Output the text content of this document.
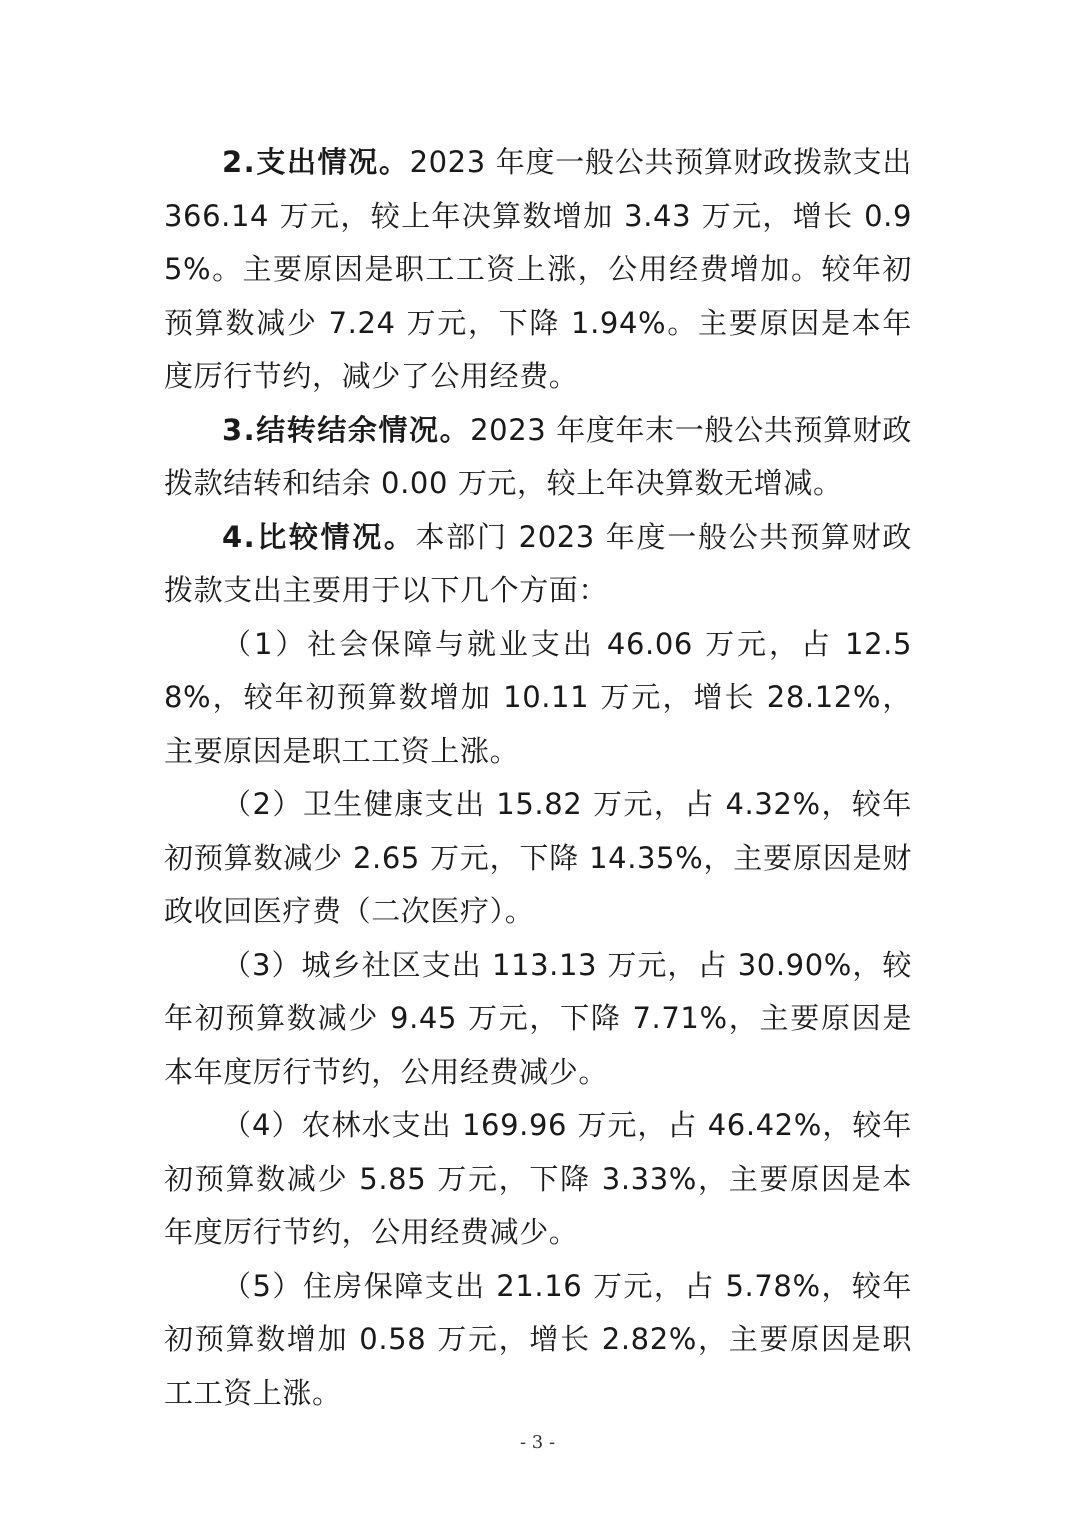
2.支出情况。2023 年度一般公共预算财政拨款支出 366.14 万元，较上年决算数增加 3.43 万元，增长 0.95%。主要原因是职工工资上涨，公用经费增加。较年初预算数减少 7.24 万元，下降 1.94%。主要原因是本年度厉行节约，减少了公用经费。

3.结转结余情况。2023 年度年末一般公共预算财政拨款结转和结余 0.00 万元，较上年决算数无增减。

4.比较情况。本部门 2023 年度一般公共预算财政拨款支出主要用于以下几个方面：

（1）社会保障与就业支出 46.06 万元，占 12.58%，较年初预算数增加 10.11 万元，增长 28.12%，主要原因是职工工资上涨。

（2）卫生健康支出 15.82 万元，占 4.32%，较年初预算数减少 2.65 万元，下降 14.35%，主要原因是财政收回医疗费（二次医疗）。

（3）城乡社区支出 113.13 万元，占 30.90%，较年初预算数减少 9.45 万元，下降 7.71%，主要原因是本年度厉行节约，公用经费减少。

（4）农林水支出 169.96 万元，占 46.42%，较年初预算数减少 5.85 万元，下降 3.33%，主要原因是本年度厉行节约，公用经费减少。

（5）住房保障支出 21.16 万元，占 5.78%，较年初预算数增加 0.58 万元，增长 2.82%，主要原因是职工工资上涨。

- 3 -
